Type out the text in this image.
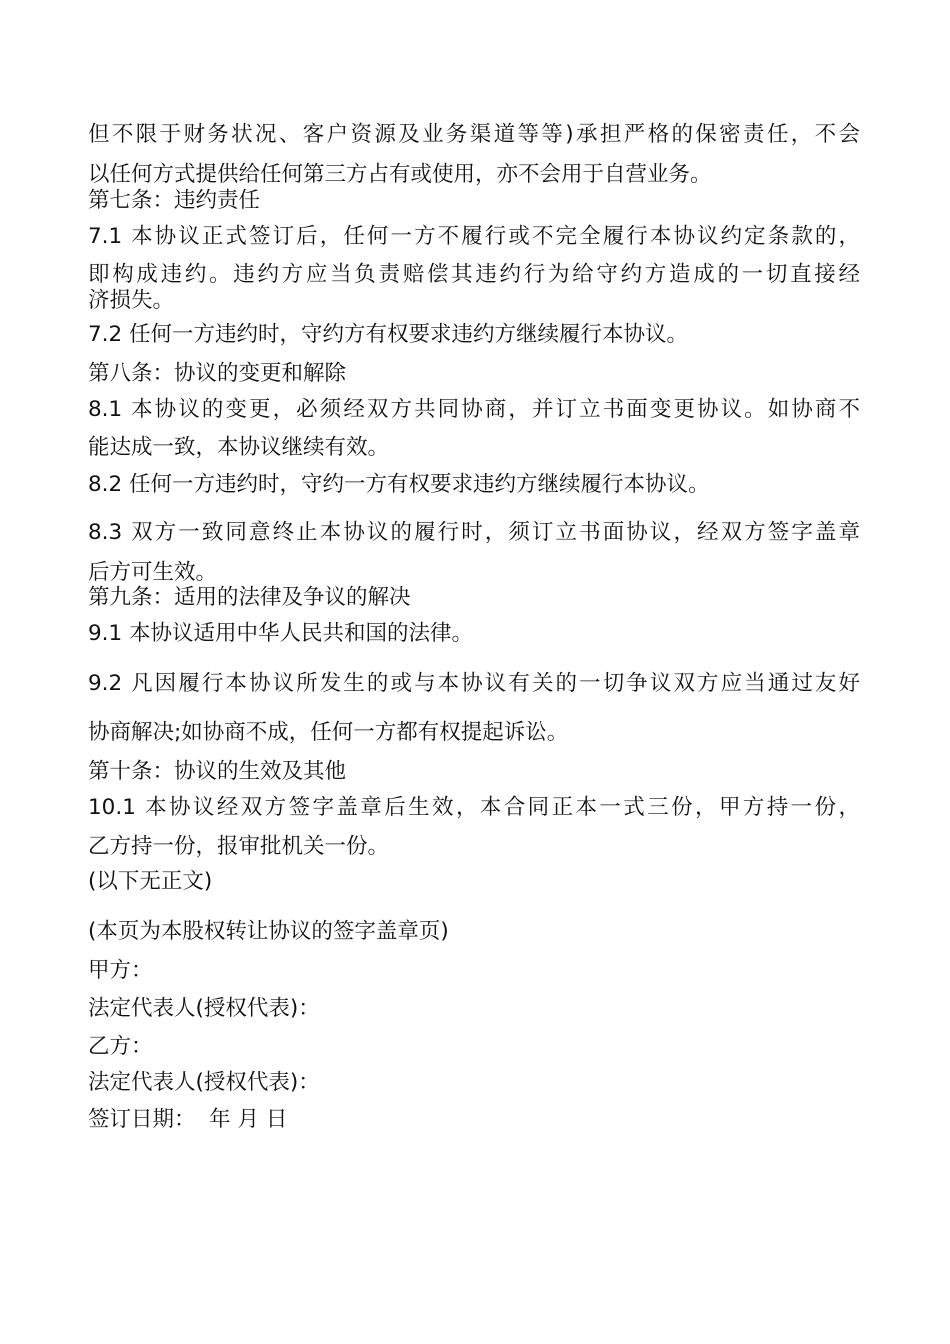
但不限于财务状况、客户资源及业务渠道等等)承担严格的保密责任，不会
以任何方式提供给任何第三方占有或使用，亦不会用于自营业务。
第七条：违约责任
7.1 本协议正式签订后，任何一方不履行或不完全履行本协议约定条款的，
即构成违约。违约方应当负责赔偿其违约行为给守约方造成的一切直接经
济损失。
7.2 任何一方违约时，守约方有权要求违约方继续履行本协议。
第八条：协议的变更和解除
8.1 本协议的变更，必须经双方共同协商，并订立书面变更协议。如协商不
能达成一致，本协议继续有效。
8.2 任何一方违约时，守约一方有权要求违约方继续履行本协议。
8.3 双方一致同意终止本协议的履行时，须订立书面协议，经双方签字盖章
后方可生效。
第九条：适用的法律及争议的解决
9.1 本协议适用中华人民共和国的法律。
9.2 凡因履行本协议所发生的或与本协议有关的一切争议双方应当通过友好
协商解决;如协商不成，任何一方都有权提起诉讼。
第十条：协议的生效及其他
10.1 本协议经双方签字盖章后生效，本合同正本一式三份，甲方持一份，
乙方持一份，报审批机关一份。
(以下无正文)
(本页为本股权转让协议的签字盖章页)
甲方：
法定代表人(授权代表)：
乙方：
法定代表人(授权代表)：
签订日期：  年 月 日
